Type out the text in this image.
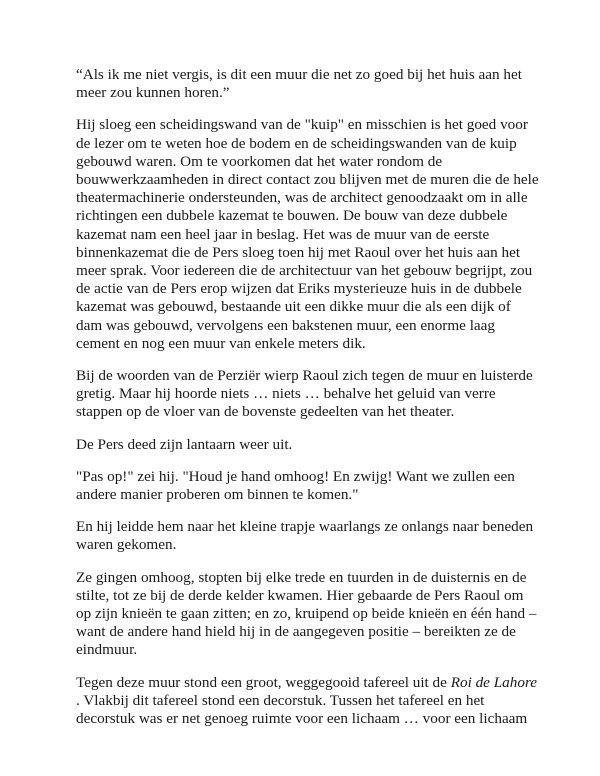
“Als ik me niet vergis, is dit een muur die net zo goed bij het huis aan het
meer zou kunnen horen.”

Hij sloeg een scheidingswand van de "kuip" en misschien is het goed voor
de lezer om te weten hoe de bodem en de scheidingswanden van de kuip
gebouwd waren. Om te voorkomen dat het water rondom de
bouwwerkzaamheden in direct contact zou blijven met de muren die de hele
theatermachinerie ondersteunden, was de architect genoodzaakt om in alle
richtingen een dubbele kazemat te bouwen. De bouw van deze dubbele
kazemat nam een heel jaar in beslag. Het was de muur van de eerste
binnenkazemat die de Pers sloeg toen hij met Raoul over het huis aan het
meer sprak. Voor iedereen die de architectuur van het gebouw begrijpt, zou
de actie van de Pers erop wijzen dat Eriks mysterieuze huis in de dubbele
kazemat was gebouwd, bestaande uit een dikke muur die als een dijk of
dam was gebouwd, vervolgens een bakstenen muur, een enorme laag
cement en nog een muur van enkele meters dik.

Bij de woorden van de Perziër wierp Raoul zich tegen de muur en luisterde
gretig. Maar hij hoorde niets … niets … behalve het geluid van verre
stappen op de vloer van de bovenste gedeelten van het theater.

De Pers deed zijn lantaarn weer uit.

"Pas op!" zei hij. "Houd je hand omhoog! En zwijg! Want we zullen een
andere manier proberen om binnen te komen."

En hij leidde hem naar het kleine trapje waarlangs ze onlangs naar beneden
waren gekomen.

Ze gingen omhoog, stopten bij elke trede en tuurden in de duisternis en de
stilte, tot ze bij de derde kelder kwamen. Hier gebaarde de Pers Raoul om
op zijn knieën te gaan zitten; en zo, kruipend op beide knieën en één hand –
want de andere hand hield hij in de aangegeven positie – bereikten ze de
eindmuur.

Tegen deze muur stond een groot, weggegooid tafereel uit de Roi de Lahore
. Vlakbij dit tafereel stond een decorstuk. Tussen het tafereel en het
decorstuk was er net genoeg ruimte voor een lichaam … voor een lichaam
